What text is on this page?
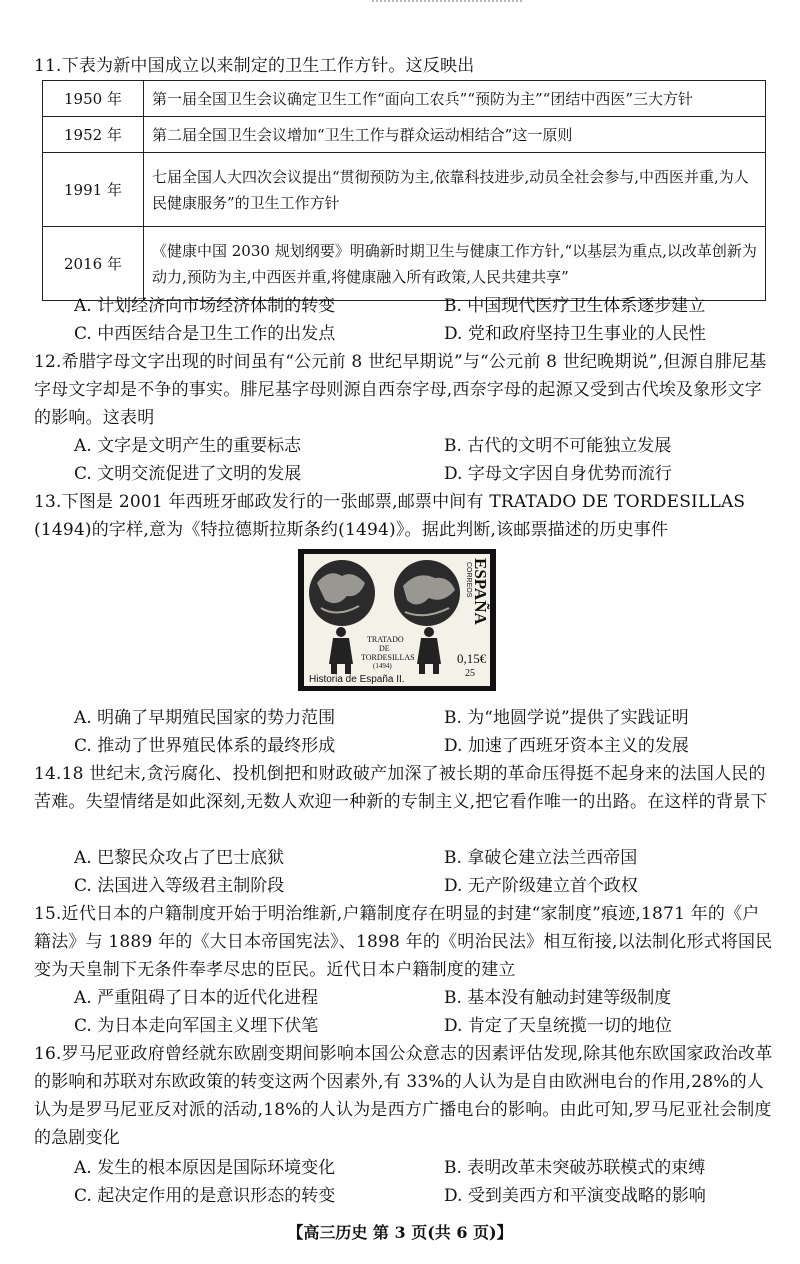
11.下表为新中国成立以来制定的卫生工作方针。这反映出

1950 年	第一届全国卫生会议确定卫生工作“面向工农兵”“预防为主”“团结中西医”三大方针
1952 年	第二届全国卫生会议增加“卫生工作与群众运动相结合”这一原则
1991 年	七届全国人大四次会议提出“贯彻预防为主,依靠科技进步,动员全社会参与,中西医并重,为人民健康服务”的卫生工作方针
2016 年	《健康中国 2030 规划纲要》明确新时期卫生与健康工作方针,“以基层为重点,以改革创新为动力,预防为主,中西医并重,将健康融入所有政策,人民共建共享”
A. 计划经济向市场经济体制的转变	B. 中国现代医疗卫生体系逐步建立
C. 中西医结合是卫生工作的出发点	D. 党和政府坚持卫生事业的人民性

12.希腊字母文字出现的时间虽有“公元前 8 世纪早期说”与“公元前 8 世纪晚期说”,但源自腓尼基字母文字却是不争的事实。腓尼基字母则源自西奈字母,西奈字母的起源又受到古代埃及象形文字的影响。这表明

A. 文字是文明产生的重要标志	B. 古代的文明不可能独立发展
C. 文明交流促进了文明的发展	D. 字母文字因自身优势而流行

13.下图是 2001 年西班牙邮政发行的一张邮票,邮票中间有 TRATADO DE TORDESILLAS (1494)的字样,意为《特拉德斯拉斯条约(1494)》。据此判断,该邮票描述的历史事件

TRATADO
DE
TORDESILLAS
(1494)
Historia de España II.
CORREOS ESPAÑA
0,15€
25
A. 明确了早期殖民国家的势力范围	B. 为“地圆学说”提供了实践证明
C. 推动了世界殖民体系的最终形成	D. 加速了西班牙资本主义的发展

14.18 世纪末,贪污腐化、投机倒把和财政破产加深了被长期的革命压得挺不起身来的法国人民的苦难。失望情绪是如此深刻,无数人欢迎一种新的专制主义,把它看作唯一的出路。在这样的背景下

A. 巴黎民众攻占了巴士底狱	B. 拿破仑建立法兰西帝国
C. 法国进入等级君主制阶段	D. 无产阶级建立首个政权

15.近代日本的户籍制度开始于明治维新,户籍制度存在明显的封建“家制度”痕迹,1871 年的《户籍法》与 1889 年的《大日本帝国宪法》、1898 年的《明治民法》相互衔接,以法制化形式将国民变为天皇制下无条件奉孝尽忠的臣民。近代日本户籍制度的建立

A. 严重阻碍了日本的近代化进程	B. 基本没有触动封建等级制度
C. 为日本走向军国主义埋下伏笔	D. 肯定了天皇统揽一切的地位

16.罗马尼亚政府曾经就东欧剧变期间影响本国公众意志的因素评估发现,除其他东欧国家政治改革的影响和苏联对东欧政策的转变这两个因素外,有 33%的人认为是自由欧洲电台的作用,28%的人认为是罗马尼亚反对派的活动,18%的人认为是西方广播电台的影响。由此可知,罗马尼亚社会制度的急剧变化

A. 发生的根本原因是国际环境变化	B. 表明改革未突破苏联模式的束缚
C. 起决定作用的是意识形态的转变	D. 受到美西方和平演变战略的影响
【高三历史 第 3 页(共 6 页)】
